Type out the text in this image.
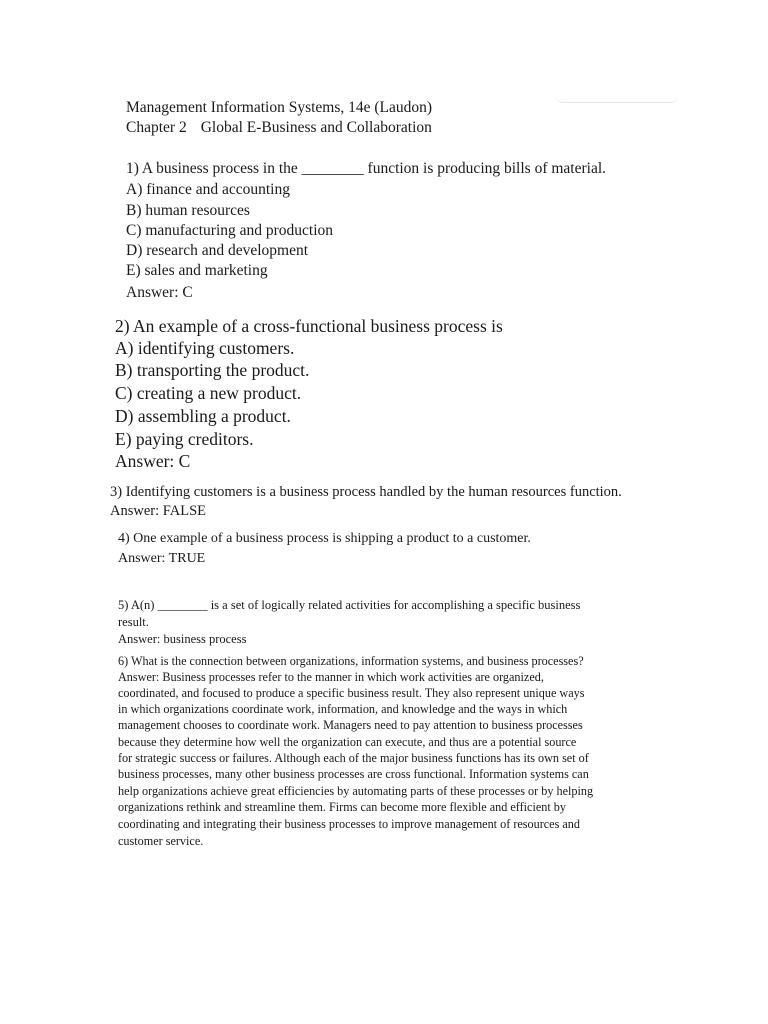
Management Information Systems, 14e (Laudon)
Chapter 2 Global E-Business and Collaboration
1) A business process in the ________ function is producing bills of material.
A) finance and accounting
B) human resources
C) manufacturing and production
D) research and development
E) sales and marketing
Answer: C
2) An example of a cross-functional business process is
A) identifying customers.
B) transporting the product.
C) creating a new product.
D) assembling a product.
E) paying creditors.
Answer: C
3) Identifying customers is a business process handled by the human resources function.
Answer: FALSE
4) One example of a business process is shipping a product to a customer.
Answer: TRUE
5) A(n) ________ is a set of logically related activities for accomplishing a specific business
result.
Answer: business process
6) What is the connection between organizations, information systems, and business processes?
Answer: Business processes refer to the manner in which work activities are organized,
coordinated, and focused to produce a specific business result. They also represent unique ways
in which organizations coordinate work, information, and knowledge and the ways in which
management chooses to coordinate work. Managers need to pay attention to business processes
because they determine how well the organization can execute, and thus are a potential source
for strategic success or failures. Although each of the major business functions has its own set of
business processes, many other business processes are cross functional. Information systems can
help organizations achieve great efficiencies by automating parts of these processes or by helping
organizations rethink and streamline them. Firms can become more flexible and efficient by
coordinating and integrating their business processes to improve management of resources and
customer service.
